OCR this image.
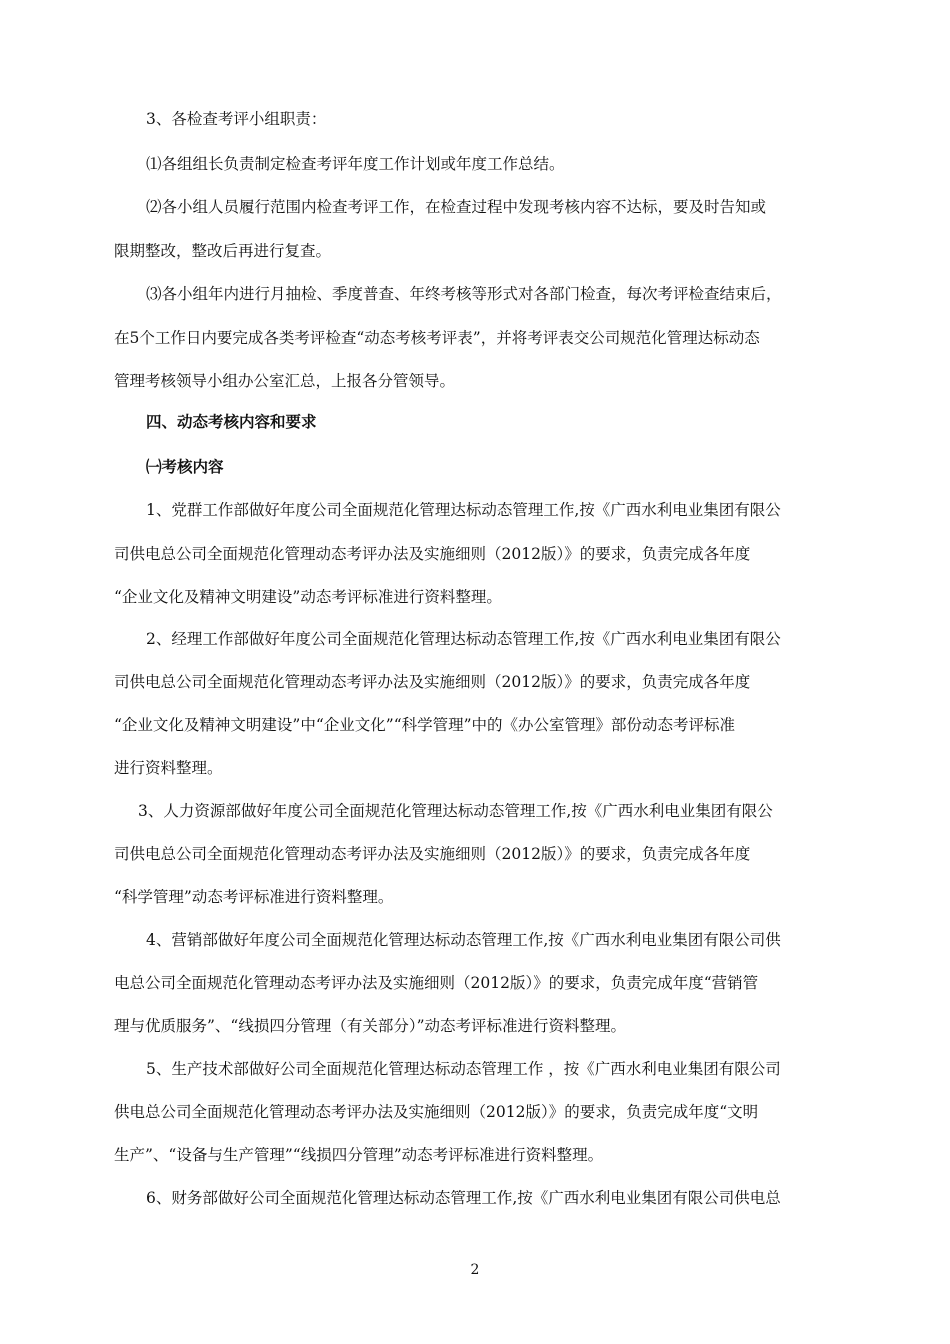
3、各检查考评小组职责：
⑴各组组长负责制定检查考评年度工作计划或年度工作总结。
⑵各小组人员履行范围内检查考评工作，在检查过程中发现考核内容不达标，要及时告知或
限期整改，整改后再进行复查。
⑶各小组年内进行月抽检、季度普查、年终考核等形式对各部门检查，每次考评检查结束后，
在5个工作日内要完成各类考评检查“动态考核考评表”，并将考评表交公司规范化管理达标动态
管理考核领导小组办公室汇总，上报各分管领导。
四、动态考核内容和要求
㈠考核内容
1、党群工作部做好年度公司全面规范化管理达标动态管理工作,按《广西水利电业集团有限公
司供电总公司全面规范化管理动态考评办法及实施细则（2012版）》的要求，负责完成各年度
“企业文化及精神文明建设”动态考评标准进行资料整理。
2、经理工作部做好年度公司全面规范化管理达标动态管理工作,按《广西水利电业集团有限公
司供电总公司全面规范化管理动态考评办法及实施细则（2012版）》的要求，负责完成各年度
“企业文化及精神文明建设”中“企业文化”“科学管理”中的《办公室管理》部份动态考评标准
进行资料整理。
3、人力资源部做好年度公司全面规范化管理达标动态管理工作,按《广西水利电业集团有限公
司供电总公司全面规范化管理动态考评办法及实施细则（2012版）》的要求，负责完成各年度
“科学管理”动态考评标准进行资料整理。
4、营销部做好年度公司全面规范化管理达标动态管理工作,按《广西水利电业集团有限公司供
电总公司全面规范化管理动态考评办法及实施细则（2012版）》的要求，负责完成年度“营销管
理与优质服务”、“线损四分管理（有关部分）”动态考评标准进行资料整理。
5、生产技术部做好公司全面规范化管理达标动态管理工作 ，按《广西水利电业集团有限公司
供电总公司全面规范化管理动态考评办法及实施细则（2012版）》的要求，负责完成年度“文明
生产”、“设备与生产管理”“线损四分管理”动态考评标准进行资料整理。
6、财务部做好公司全面规范化管理达标动态管理工作,按《广西水利电业集团有限公司供电总
2
